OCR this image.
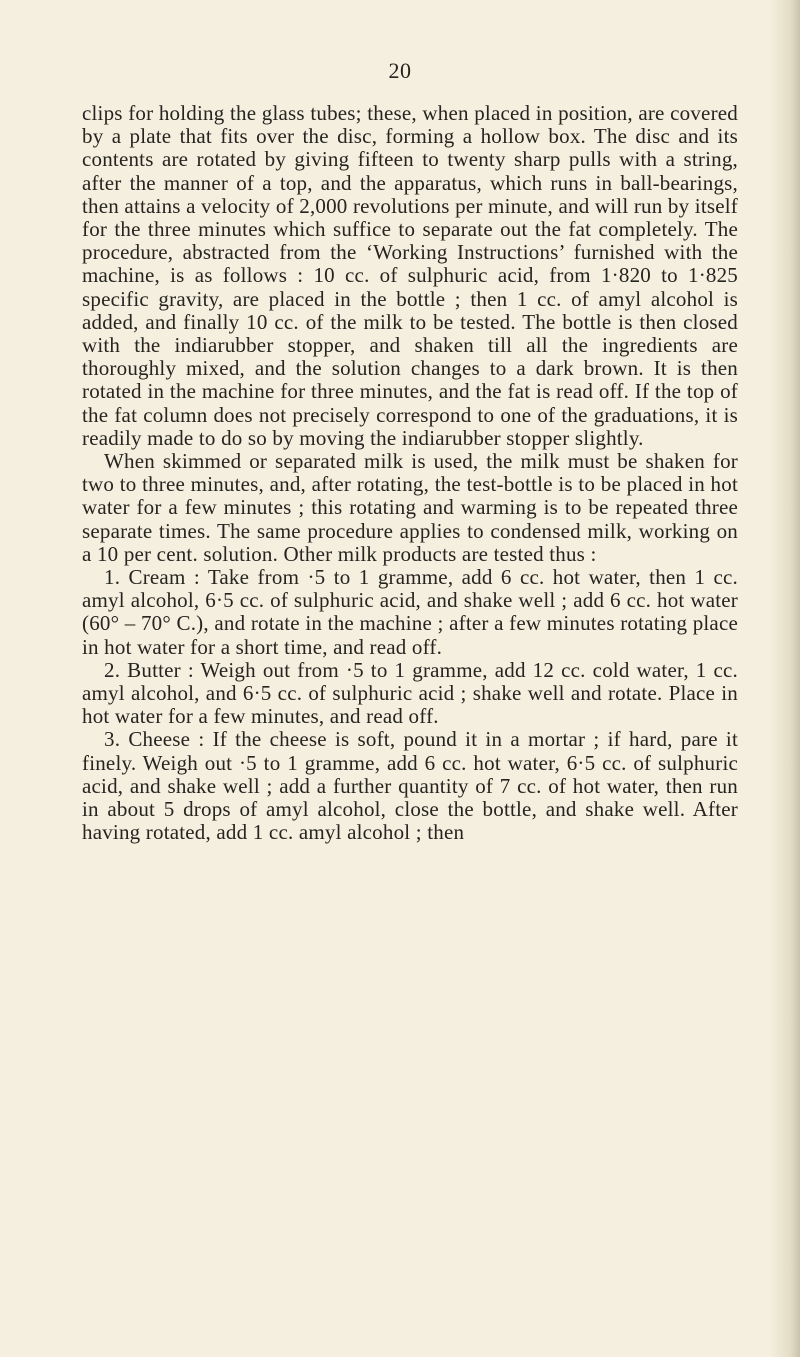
20

clips for holding the glass tubes; these, when placed in position, are covered by a plate that fits over the disc, forming a hollow box. The disc and its contents are rotated by giving fifteen to twenty sharp pulls with a string, after the manner of a top, and the apparatus, which runs in ball-bearings, then attains a velocity of 2,000 revolutions per minute, and will run by itself for the three minutes which suffice to separate out the fat completely. The procedure, abstracted from the ‘Working Instructions’ furnished with the machine, is as follows : 10 cc. of sulphuric acid, from 1·820 to 1·825 specific gravity, are placed in the bottle ; then 1 cc. of amyl alcohol is added, and finally 10 cc. of the milk to be tested. The bottle is then closed with the indiarubber stopper, and shaken till all the ingredients are thoroughly mixed, and the solution changes to a dark brown. It is then rotated in the machine for three minutes, and the fat is read off. If the top of the fat column does not precisely correspond to one of the graduations, it is readily made to do so by moving the indiarubber stopper slightly.

When skimmed or separated milk is used, the milk must be shaken for two to three minutes, and, after rotating, the test-bottle is to be placed in hot water for a few minutes ; this rotating and warming is to be repeated three separate times. The same procedure applies to condensed milk, working on a 10 per cent. solution. Other milk products are tested thus :

1. Cream : Take from ·5 to 1 gramme, add 6 cc. hot water, then 1 cc. amyl alcohol, 6·5 cc. of sulphuric acid, and shake well ; add 6 cc. hot water (60° – 70° C.), and rotate in the machine ; after a few minutes rotating place in hot water for a short time, and read off.

2. Butter : Weigh out from ·5 to 1 gramme, add 12 cc. cold water, 1 cc. amyl alcohol, and 6·5 cc. of sulphuric acid ; shake well and rotate. Place in hot water for a few minutes, and read off.

3. Cheese : If the cheese is soft, pound it in a mortar ; if hard, pare it finely. Weigh out ·5 to 1 gramme, add 6 cc. hot water, 6·5 cc. of sulphuric acid, and shake well ; add a further quantity of 7 cc. of hot water, then run in about 5 drops of amyl alcohol, close the bottle, and shake well. After having rotated, add 1 cc. amyl alcohol ; then
